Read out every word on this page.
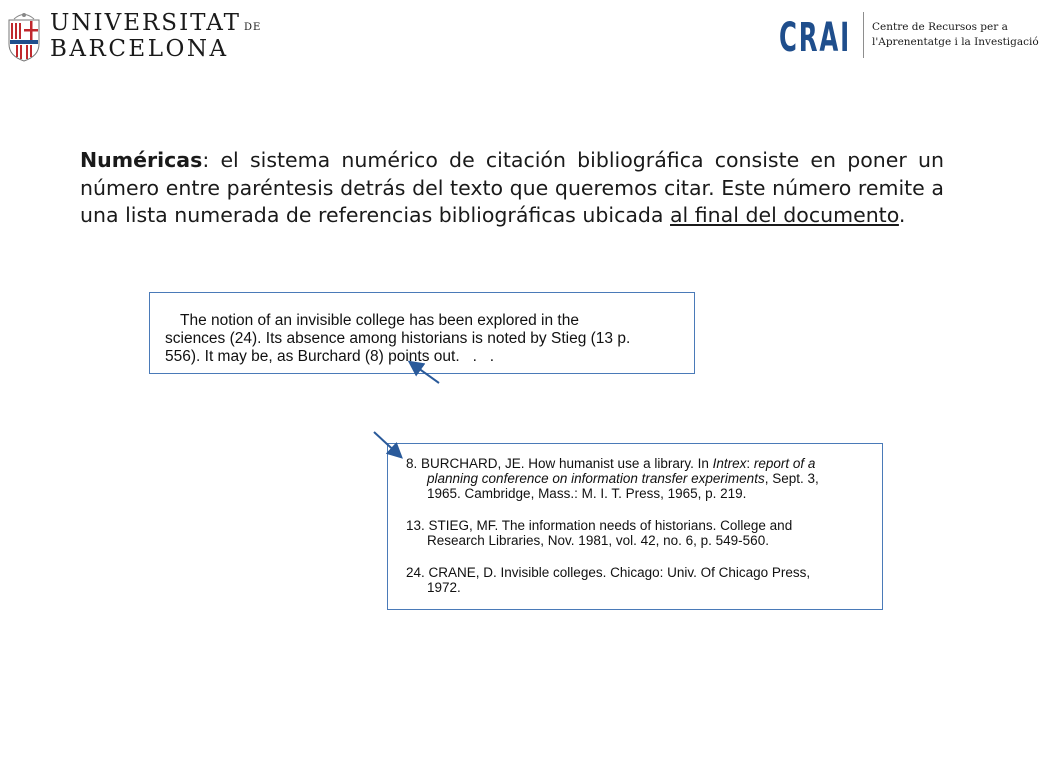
UNIVERSITAT DE
BARCELONA	CRAI Centre de Recursos per a
l'Aprenentatge i la Investigació
Numéricas: el sistema numérico de citación bibliográfica consiste en poner un número entre paréntesis detrás del texto que queremos citar. Este número remite a una lista numerada de referencias bibliográficas ubicada al final del documento.
The notion of an invisible college has been explored in the
sciences (24). Its absence among historians is noted by Stieg (13 p.
556). It may be, as Burchard (8) points out.   .   .
8. BURCHARD, JE. How humanist use a library. In Intrex: report of a
planning conference on information transfer experiments, Sept. 3,
1965. Cambridge, Mass.: M. I. T. Press, 1965, p. 219.
13. STIEG, MF. The information needs of historians. College and
Research Libraries, Nov. 1981, vol. 42, no. 6, p. 549-560.
24. CRANE, D. Invisible colleges. Chicago: Univ. Of Chicago Press,
1972.
